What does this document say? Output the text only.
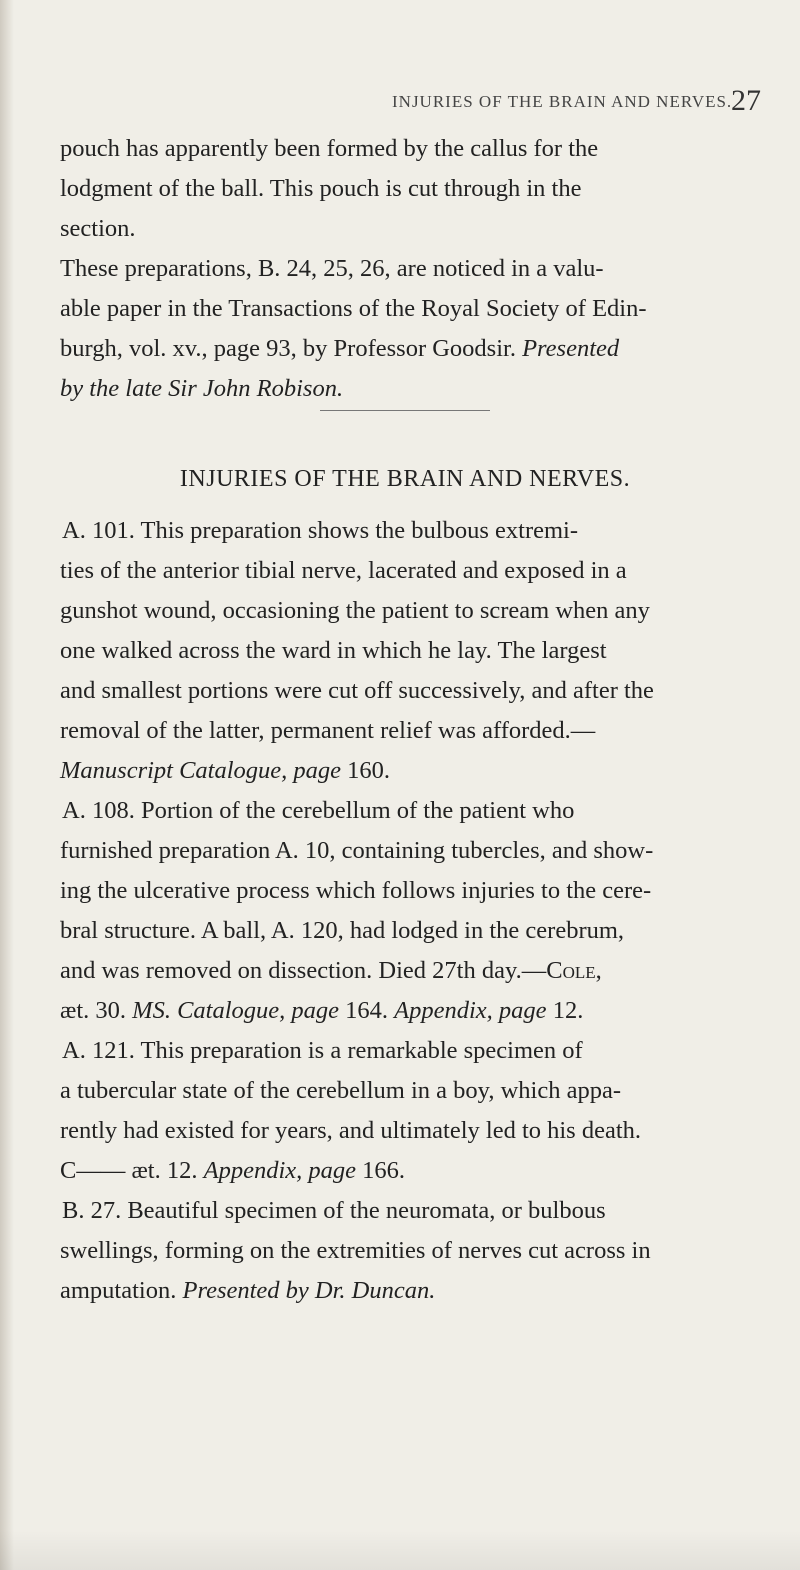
INJURIES OF THE BRAIN AND NERVES.
27
pouch has apparently been formed by the callus for the
lodgment of the ball. This pouch is cut through in the
section.
These preparations, B. 24, 25, 26, are noticed in a valu-
able paper in the Transactions of the Royal Society of Edin-
burgh, vol. xv., page 93, by Professor Goodsir. Presented
by the late Sir John Robison.
INJURIES OF THE BRAIN AND NERVES.
A. 101. This preparation shows the bulbous extremi-
ties of the anterior tibial nerve, lacerated and exposed in a
gunshot wound, occasioning the patient to scream when any
one walked across the ward in which he lay. The largest
and smallest portions were cut off successively, and after the
removal of the latter, permanent relief was afforded.—
Manuscript Catalogue, page 160.
A. 108. Portion of the cerebellum of the patient who
furnished preparation A. 10, containing tubercles, and show-
ing the ulcerative process which follows injuries to the cere-
bral structure. A ball, A. 120, had lodged in the cerebrum,
and was removed on dissection. Died 27th day.—Cole,
æt. 30. MS. Catalogue, page 164. Appendix, page 12.
A. 121. This preparation is a remarkable specimen of
a tubercular state of the cerebellum in a boy, which appa-
rently had existed for years, and ultimately led to his death.
C—— æt. 12. Appendix, page 166.
B. 27. Beautiful specimen of the neuromata, or bulbous
swellings, forming on the extremities of nerves cut across in
amputation. Presented by Dr. Duncan.
